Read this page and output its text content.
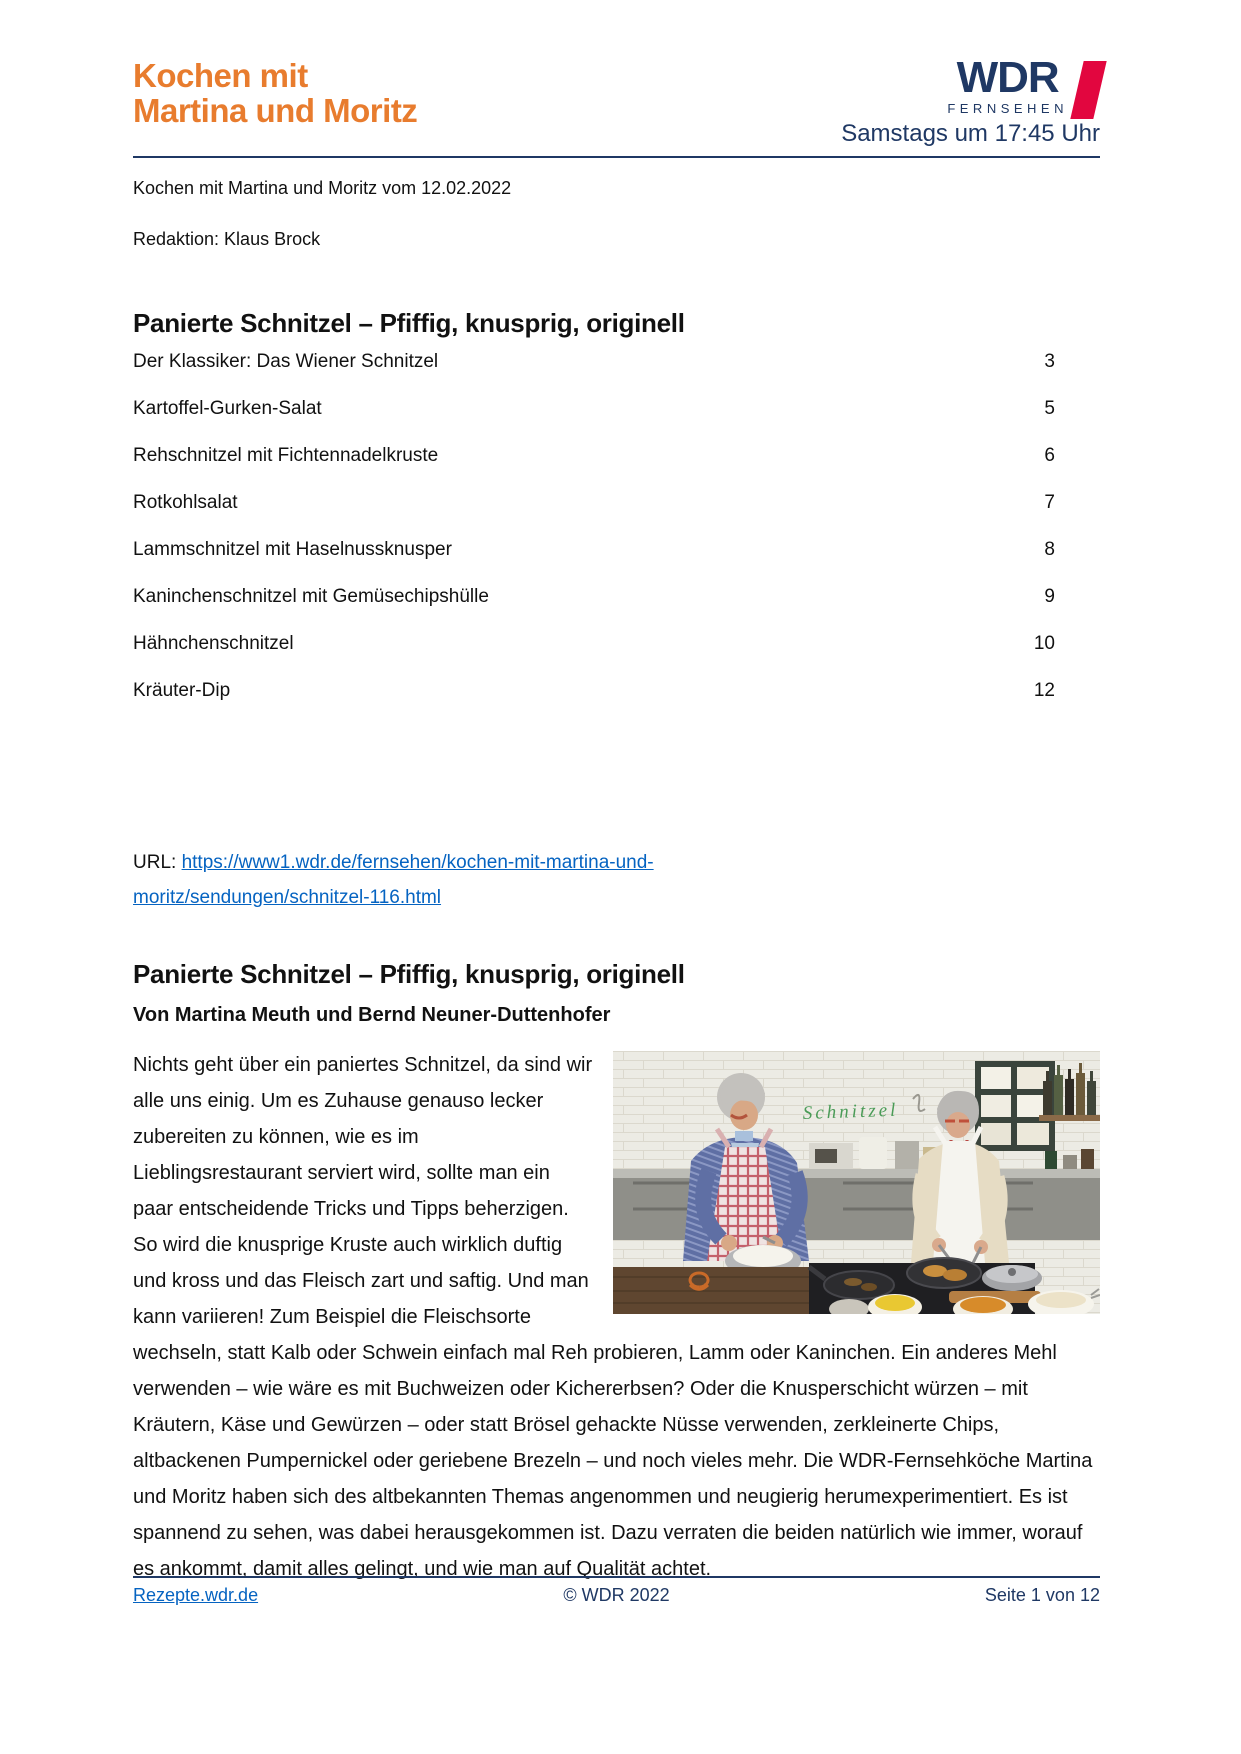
Kochen mit
Martina und Moritz
WDR
FERNSEHEN
Samstags um 17:45 Uhr
Kochen mit Martina und Moritz vom 12.02.2022
Redaktion: Klaus Brock
Panierte Schnitzel – Pfiffig, knusprig, originell
Der Klassiker: Das Wiener Schnitzel	3
Kartoffel-Gurken-Salat	5
Rehschnitzel mit Fichtennadelkruste	6
Rotkohlsalat	7
Lammschnitzel mit Haselnussknusper	8
Kaninchenschnitzel mit Gemüsechipshülle	9
Hähnchenschnitzel	10
Kräuter-Dip	12
URL: https://www1.wdr.de/fernsehen/kochen-mit-martina-und-moritz/sendungen/schnitzel-116.html
Panierte Schnitzel – Pfiffig, knusprig, originell
Von Martina Meuth und Bernd Neuner-Duttenhofer
Schnitzel
Nichts geht über ein paniertes Schnitzel, da sind wir alle uns einig. Um es Zuhause genauso lecker zubereiten zu können, wie es im Lieblingsrestaurant serviert wird, sollte man ein paar entscheidende Tricks und Tipps beherzigen. So wird die knusprige Kruste auch wirklich duftig und kross und das Fleisch zart und saftig. Und man kann variieren! Zum Beispiel die Fleischsorte wechseln, statt Kalb oder Schwein einfach mal Reh probieren, Lamm oder Kaninchen. Ein anderes Mehl verwenden – wie wäre es mit Buchweizen oder Kichererbsen? Oder die Knusperschicht würzen – mit Kräutern, Käse und Gewürzen – oder statt Brösel gehackte Nüsse verwenden, zerkleinerte Chips, altbackenen Pumpernickel oder geriebene Brezeln – und noch vieles mehr. Die WDR-Fernsehköche Martina und Moritz haben sich des altbekannten Themas angenommen und neugierig herumexperimentiert. Es ist spannend zu sehen, was dabei herausgekommen ist. Dazu verraten die beiden natürlich wie immer, worauf es ankommt, damit alles gelingt, und wie man auf Qualität achtet.
Rezepte.wdr.de	© WDR 2022	Seite 1 von 12
